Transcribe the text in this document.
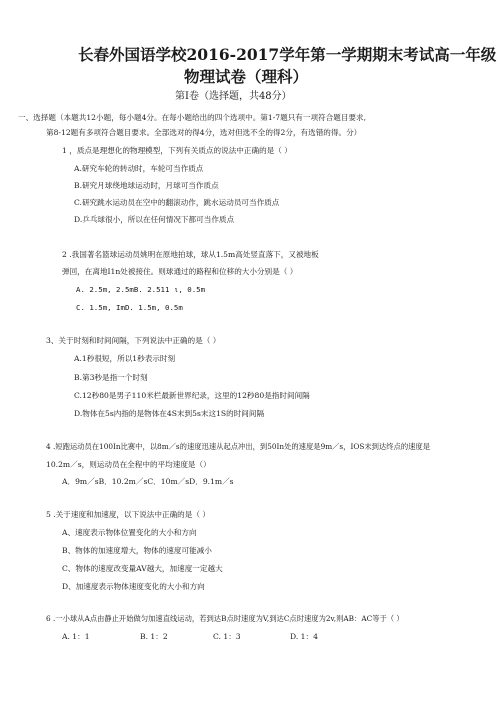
长春外国语学校2016-2017学年第一学期期末考试高一年级
物理试卷（理科）
第Ⅰ卷（选择题，共48分）
一、选择题（本题共12小题，每小题4分。在每小题给出的四个选项中。第1-7题只有一项符合题目要求,
第8-12题有多项符合题目要求。全部选对的得4分，选对但选不全的得2分，有选错的得。分）
1 ，质点是理想化的物理模型，下列有关质点的说法中正确的是（ ）
A.研究车轮的转动时，车轮可当作质点
B.研究月球绕地球运动时，月球可当作质点
C.研究跳水运动员在空中的翻滚动作，跳水运动员可当作质点
D.乒乓球很小，所以在任何情况下都可当作质点
2 .我国著名篮球运动员姚明在原地拍球，球从1.5m高处竖直落下，又被地板
弹回，在离地I1n处被接住。则球通过的路程和位移的大小分别是（ ）
A. 2.5m, 2.5mB. 2.511 ι, 0.5m
C. 1.5m, ImD. 1.5m, 0.5m
3、关于时刻和时间间隔，下列说法中正确的是（ ）
A.1秒很短，所以1秒表示时刻
B.第3秒是指一个时刻
C.12秒80是男子110米栏最新世界纪录，这里的12秒80是指时间间隔
D.物体在5s内指的是物体在4S末到5s末这1S的时间间隔
4 .短跑运动员在100In比赛中，以8m／s的速度迅速从起点冲出，到50In处的速度是9m／s，IOS末到达终点的速度是
10.2m／s，则运动员在全程中的平均速度是（）
A．9m／sB．10.2m／sC．10m／sD．9.1m／s
5 .关于速度和加速度，以下说法中正确的是（ ）
A、速度表示物体位置变化的大小和方向
B、物体的加速度增大，物体的速度可能减小
C、物体的速度改变量AV越大，加速度一定越大
D、加速度表示物体速度变化的大小和方向
6 .一小球从A点由静止开始做匀加速直线运动，若到达B点时速度为V,到达C点时速度为2v,则AB：AC等于（ ）
A. 1：1	B. 1：2	C. 1：3	D. 1：4
